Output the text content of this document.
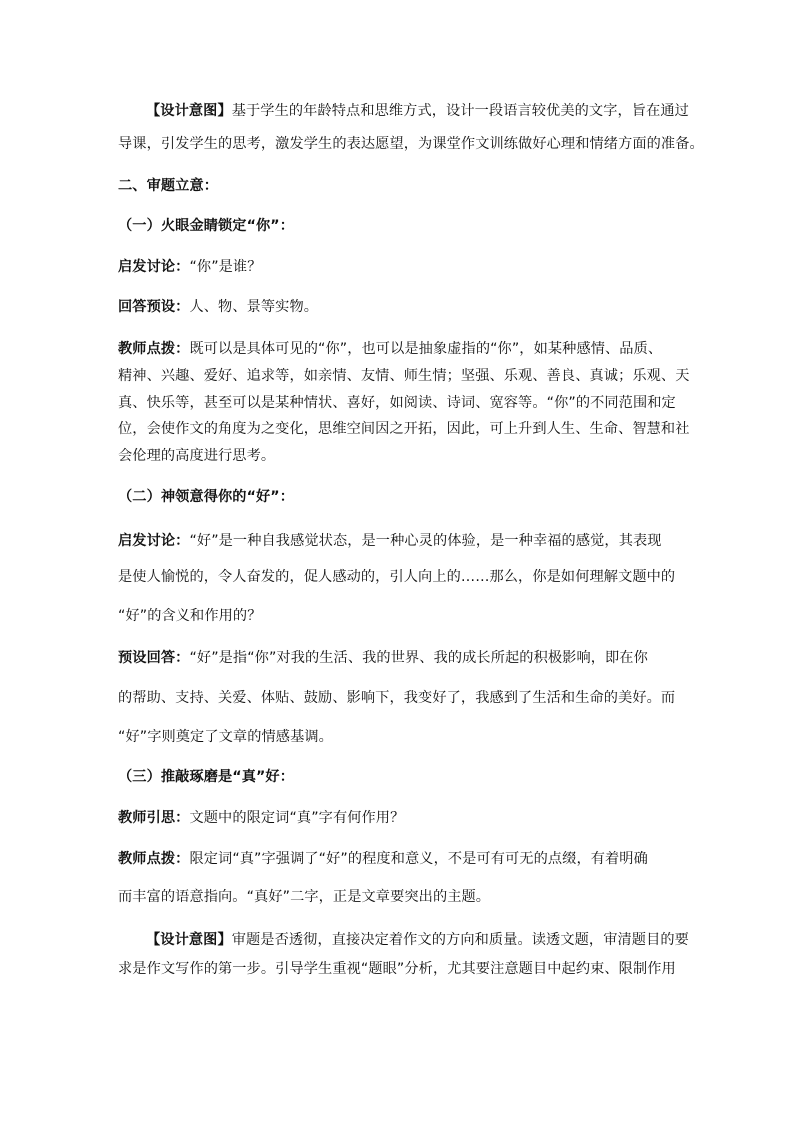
【设计意图】基于学生的年龄特点和思维方式，设计一段语言较优美的文字，旨在通过
导课，引发学生的思考，激发学生的表达愿望，为课堂作文训练做好心理和情绪方面的准备。
二、审题立意：
（一）火眼金睛锁定“你”：
启发讨论：“你”是谁？
回答预设：人、物、景等实物。
教师点拨：既可以是具体可见的“你”，也可以是抽象虚指的“你”，如某种感情、品质、
精神、兴趣、爱好、追求等，如亲情、友情、师生情；坚强、乐观、善良、真诚；乐观、天
真、快乐等，甚至可以是某种情状、喜好，如阅读、诗词、宽容等。“你”的不同范围和定
位，会使作文的角度为之变化，思维空间因之开拓，因此，可上升到人生、生命、智慧和社
会伦理的高度进行思考。
（二）神领意得你的“好”：
启发讨论：“好”是一种自我感觉状态，是一种心灵的体验，是一种幸福的感觉，其表现
是使人愉悦的，令人奋发的，促人感动的，引人向上的……那么，你是如何理解文题中的
“好”的含义和作用的？
预设回答：“好”是指“你”对我的生活、我的世界、我的成长所起的积极影响，即在你
的帮助、支持、关爱、体贴、鼓励、影响下，我变好了，我感到了生活和生命的美好。而
“好”字则奠定了文章的情感基调。
（三）推敲琢磨是“真”好：
教师引思：文题中的限定词“真”字有何作用？
教师点拨：限定词“真”字强调了“好”的程度和意义，不是可有可无的点缀，有着明确
而丰富的语意指向。“真好”二字，正是文章要突出的主题。
【设计意图】审题是否透彻，直接决定着作文的方向和质量。读透文题，审清题目的要
求是作文写作的第一步。引导学生重视“题眼”分析，尤其要注意题目中起约束、限制作用
